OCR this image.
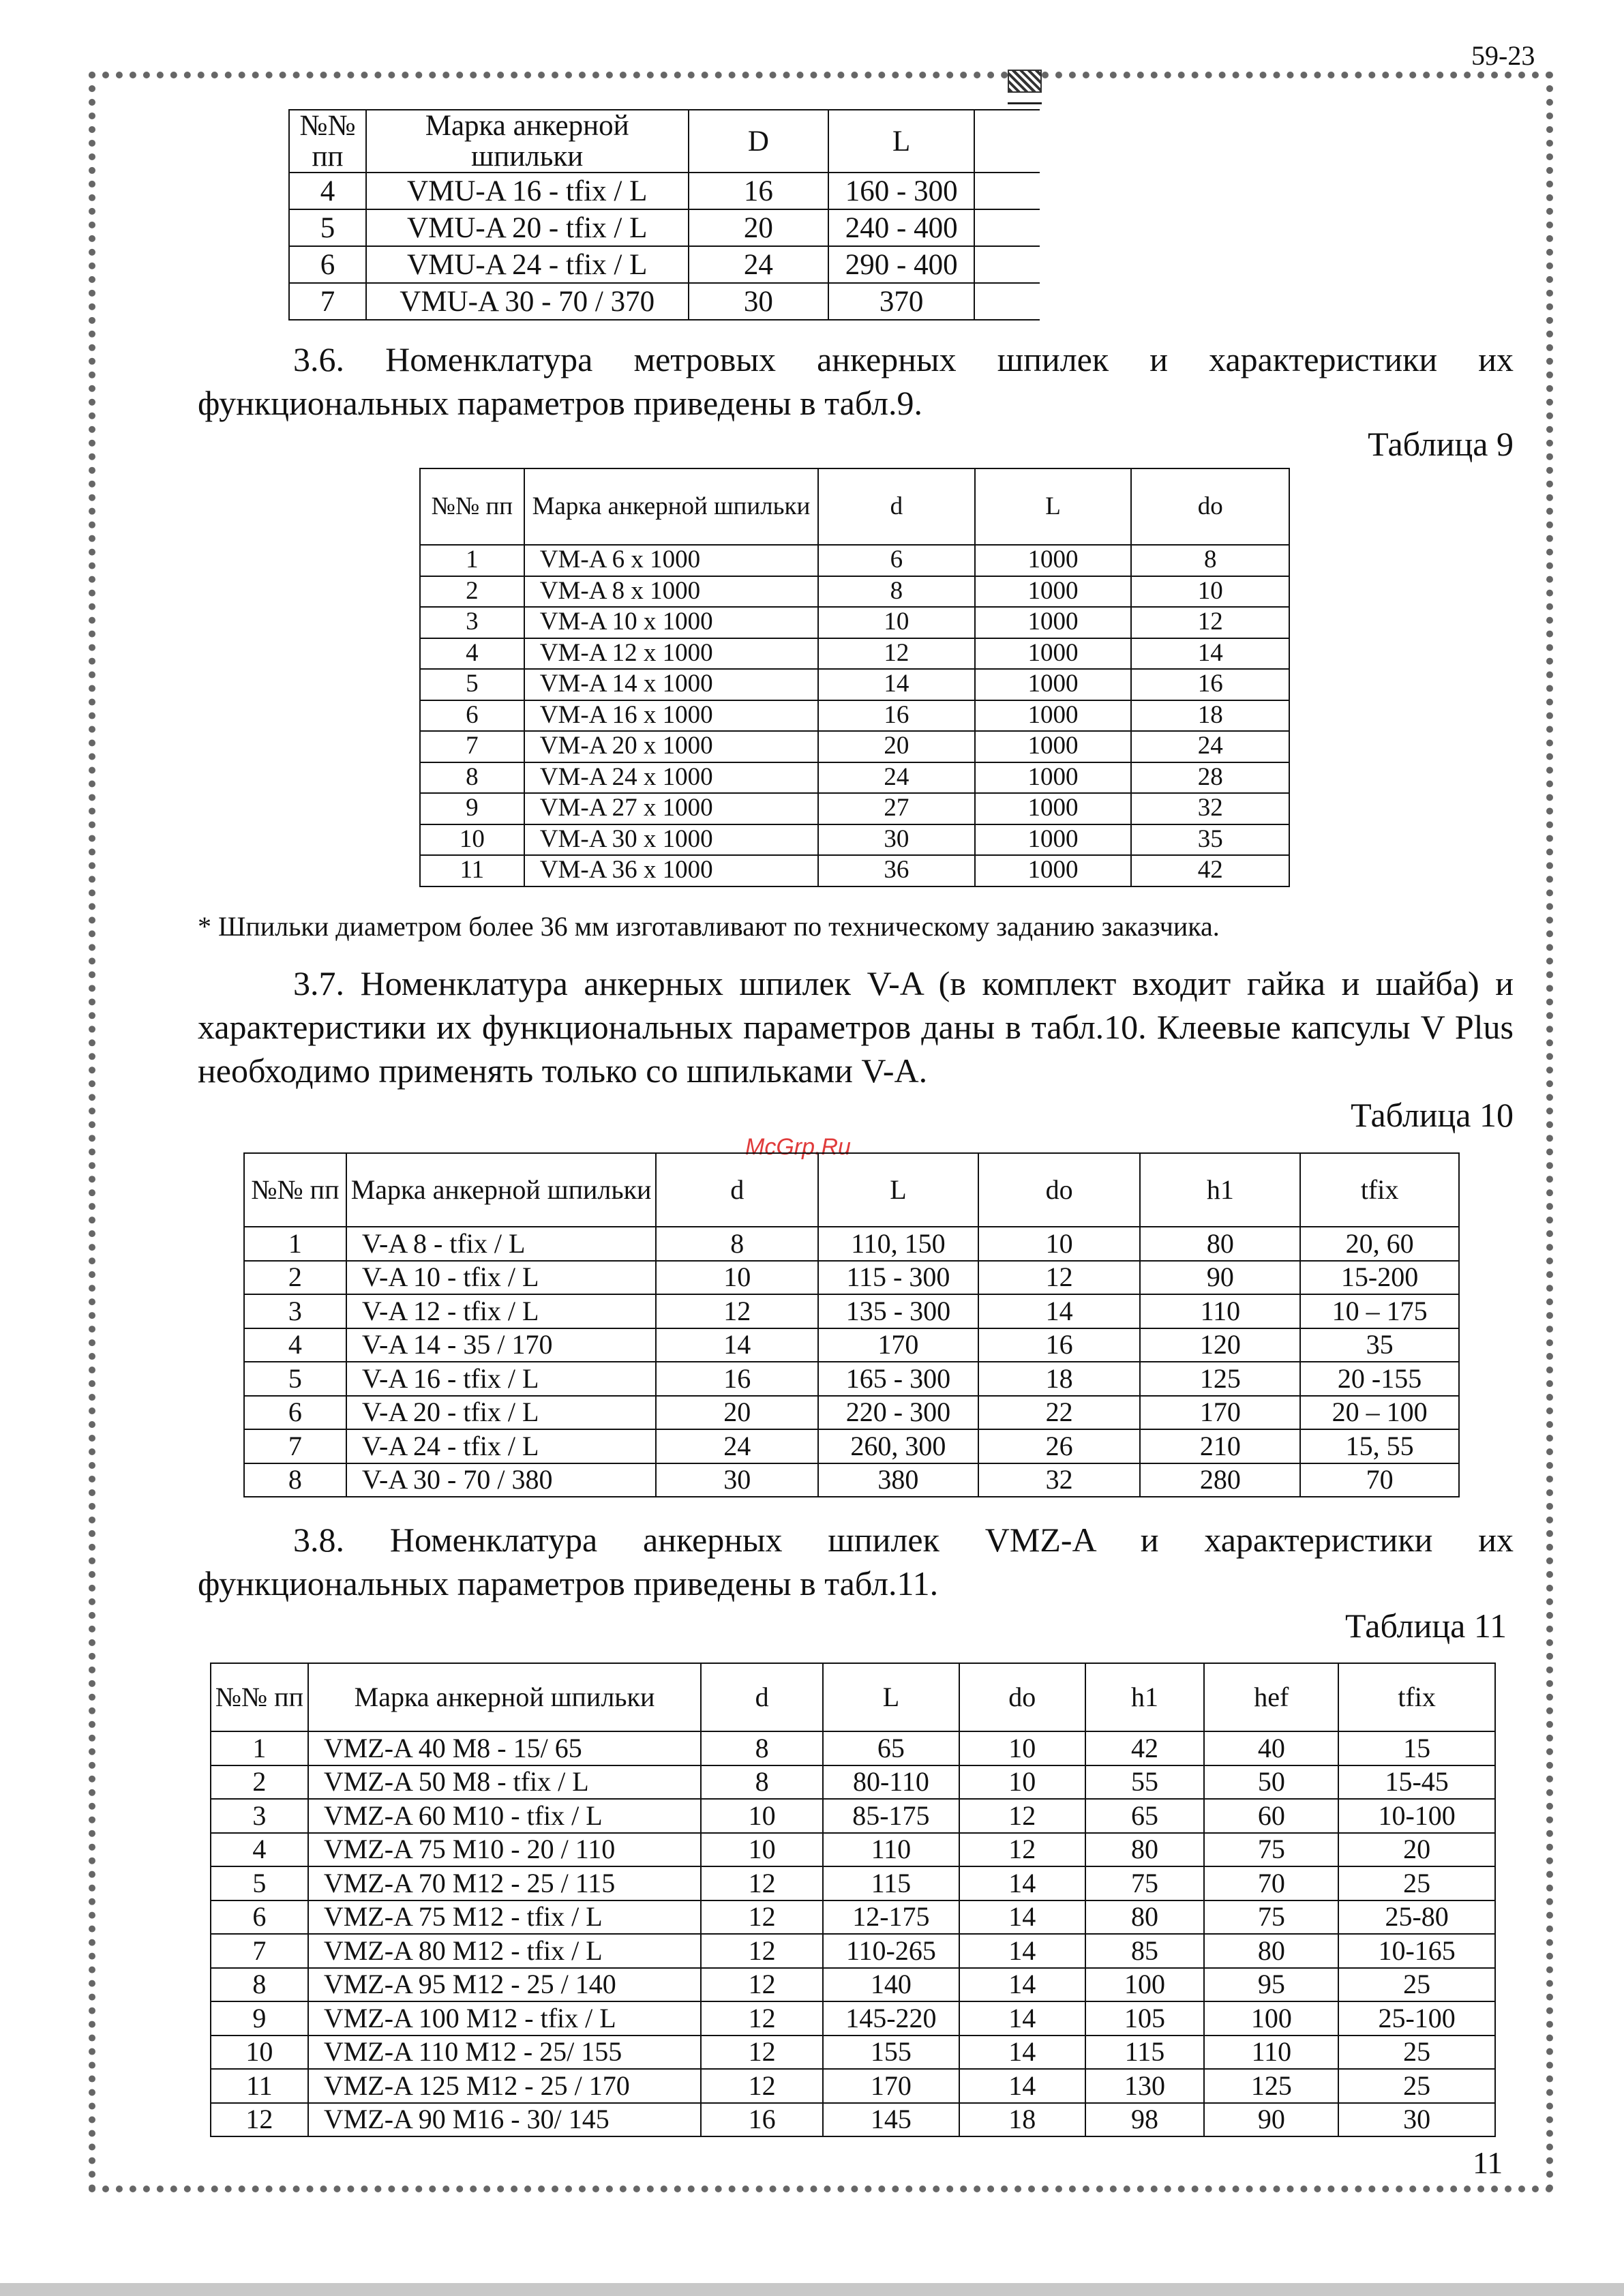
59-23
№№ пп	Марка анкерной шпильки	D	L	
4	VMU-A 16 - tfix / L	16	160 - 300	
5	VMU-A 20 - tfix / L	20	240 - 400	
6	VMU-A 24 - tfix / L	24	290 - 400	
7	VMU-A 30 - 70 / 370	30	370	

3.6. Номенклатура метровых анкерных шпилек и характеристики их функциональных параметров приведены в табл.9.

Таблица 9
№№ пп	Марка анкерной шпильки	d	L	do
1	VM-A 6 x 1000	6	1000	8
2	VM-A 8 x 1000	8	1000	10
3	VM-A 10 x 1000	10	1000	12
4	VM-A 12 x 1000	12	1000	14
5	VM-A 14 x 1000	14	1000	16
6	VM-A 16 x 1000	16	1000	18
7	VM-A 20 x 1000	20	1000	24
8	VM-A 24 x 1000	24	1000	28
9	VM-A 27 x 1000	27	1000	32
10	VM-A 30 x 1000	30	1000	35
11	VM-A 36 x 1000	36	1000	42
* Шпильки диаметром более 36 мм изготавливают по техническому заданию заказчика.

3.7. Номенклатура анкерных шпилек V-A (в комплект входит гайка и шайба) и характеристики их функциональных параметров даны в табл.10. Клеевые капсулы V Plus необходимо применять только со шпильками V-A.

McGrp.Ru
Таблица 10
№№ пп	Марка анкерной шпильки	d	L	do	h1	tfix
1	V-A 8 - tfix / L	8	110, 150	10	80	20, 60
2	V-A 10 - tfix / L	10	115 - 300	12	90	15-200
3	V-A 12 - tfix / L	12	135 - 300	14	110	10 – 175
4	V-A 14 - 35 / 170	14	170	16	120	35
5	V-A 16 - tfix / L	16	165 - 300	18	125	20 -155
6	V-A 20 - tfix / L	20	220 - 300	22	170	20 – 100
7	V-A 24 - tfix / L	24	260, 300	26	210	15, 55
8	V-A 30 - 70 / 380	30	380	32	280	70

3.8. Номенклатура анкерных шпилек VMZ-A и характеристики их функциональных параметров приведены в табл.11.

Таблица 11
№№ пп	Марка анкерной шпильки	d	L	do	h1	hef	tfix
1	VMZ-A 40 M8 - 15/ 65	8	65	10	42	40	15
2	VMZ-A 50 M8 - tfix / L	8	80-110	10	55	50	15-45
3	VMZ-A 60 M10 - tfix / L	10	85-175	12	65	60	10-100
4	VMZ-A 75 M10 - 20 / 110	10	110	12	80	75	20
5	VMZ-A 70 M12 - 25 / 115	12	115	14	75	70	25
6	VMZ-A 75 M12 - tfix / L	12	12-175	14	80	75	25-80
7	VMZ-A 80 M12 - tfix / L	12	110-265	14	85	80	10-165
8	VMZ-A 95 M12 - 25 / 140	12	140	14	100	95	25
9	VMZ-A 100 M12 - tfix / L	12	145-220	14	105	100	25-100
10	VMZ-A 110 M12 - 25/ 155	12	155	14	115	110	25
11	VMZ-A 125 M12 - 25 / 170	12	170	14	130	125	25
12	VMZ-A 90 M16 - 30/ 145	16	145	18	98	90	30
11
